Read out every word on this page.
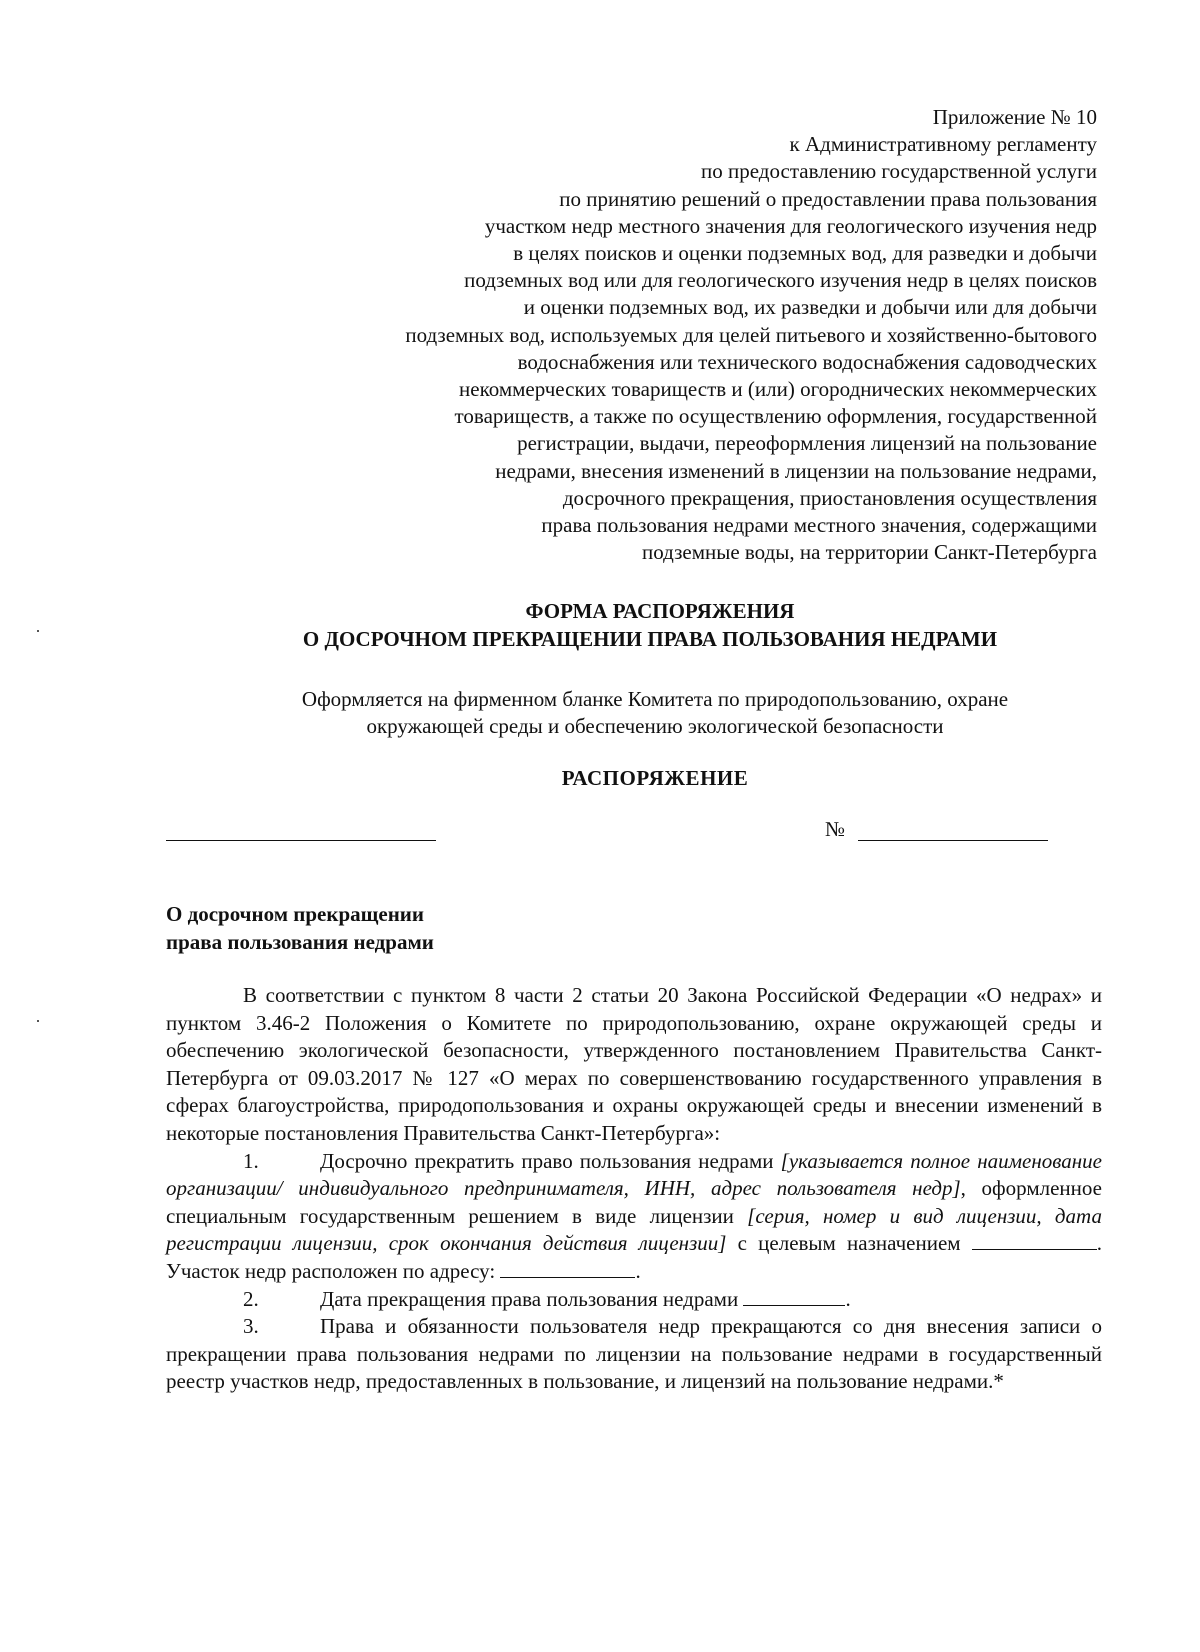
Приложение № 10
к Административному регламенту
по предоставлению государственной услуги
по принятию решений о предоставлении права пользования
участком недр местного значения для геологического изучения недр
в целях поисков и оценки подземных вод, для разведки и добычи
подземных вод или для геологического изучения недр в целях поисков
и оценки подземных вод, их разведки и добычи или для добычи
подземных вод, используемых для целей питьевого и хозяйственно-бытового
водоснабжения или технического водоснабжения садоводческих
некоммерческих товариществ и (или) огороднических некоммерческих
товариществ, а также по осуществлению оформления, государственной
регистрации, выдачи, переоформления лицензий на пользование
недрами, внесения изменений в лицензии на пользование недрами,
досрочного прекращения, приостановления осуществления
права пользования недрами местного значения, содержащими
подземные воды, на территории Санкт-Петербурга
ФОРМА РАСПОРЯЖЕНИЯ
О ДОСРОЧНОМ ПРЕКРАЩЕНИИ ПРАВА ПОЛЬЗОВАНИЯ НЕДРАМИ
Оформляется на фирменном бланке Комитета по природопользованию, охране
окружающей среды и обеспечению экологической безопасности
РАСПОРЯЖЕНИЕ
№
О досрочном прекращении
права пользования недрами

В соответствии с пунктом 8 части 2 статьи 20 Закона Российской Федерации «О недрах» и пунктом 3.46-2 Положения о Комитете по природопользованию, охране окружающей среды и обеспечению экологической безопасности, утвержденного постановлением Правительства Санкт-Петербурга от 09.03.2017 № 127 «О мерах по совершенствованию государственного управления в сферах благоустройства, природопользования и охраны окружающей среды и внесении изменений в некоторые постановления Правительства Санкт-Петербурга»:

1.	Досрочно прекратить право пользования недрами [указывается полное наименование организации/ индивидуального предпринимателя, ИНН, адрес пользователя недр], оформленное специальным государственным решением в виде лицензии [серия, номер и вид лицензии, дата регистрации лицензии, срок окончания действия лицензии] с целевым назначением	. Участок недр расположен по адресу:	.

2.	Дата прекращения права пользования недрами	.

3.	Права и обязанности пользователя недр прекращаются со дня внесения записи о прекращении права пользования недрами по лицензии на пользование недрами в государственный реестр участков недр, предоставленных в пользование, и лицензий на пользование недрами.*
